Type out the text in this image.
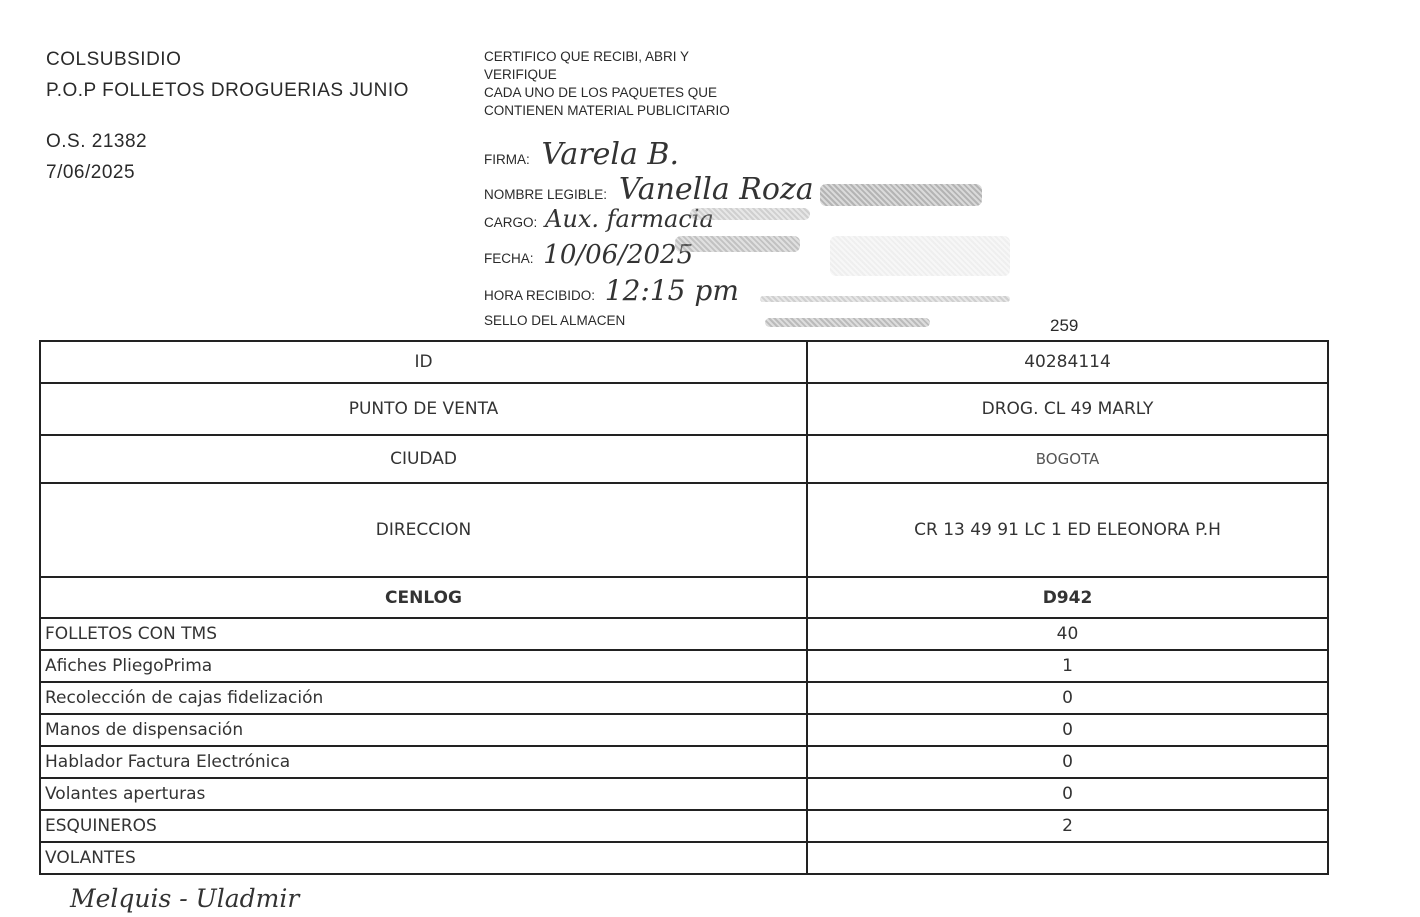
COLSUBSIDIO
P.O.P FOLLETOS DROGUERIAS JUNIO
O.S. 21382
7/06/2025
CERTIFICO QUE RECIBI, ABRI Y
VERIFIQUE
CADA UNO DE LOS PAQUETES QUE
CONTIENEN MATERIAL PUBLICITARIO
FIRMA: Varela B.
NOMBRE LEGIBLE: Vanella Roza
CARGO: Aux. farmacia
FECHA: 10/06/2025
HORA RECIBIDO: 12:15 pm
SELLO DEL ALMACEN	259
ID	40284114
PUNTO DE VENTA	DROG. CL 49 MARLY
CIUDAD	BOGOTA
DIRECCION	CR 13 49 91 LC 1 ED ELEONORA P.H
CENLOG	D942
FOLLETOS CON TMS	40
Afiches PliegoPrima	1
Recolección de cajas fidelización	0
Manos de dispensación	0
Hablador Factura Electrónica	0
Volantes aperturas	0
ESQUINEROS	2
VOLANTES	
Melquis - Uladmir
